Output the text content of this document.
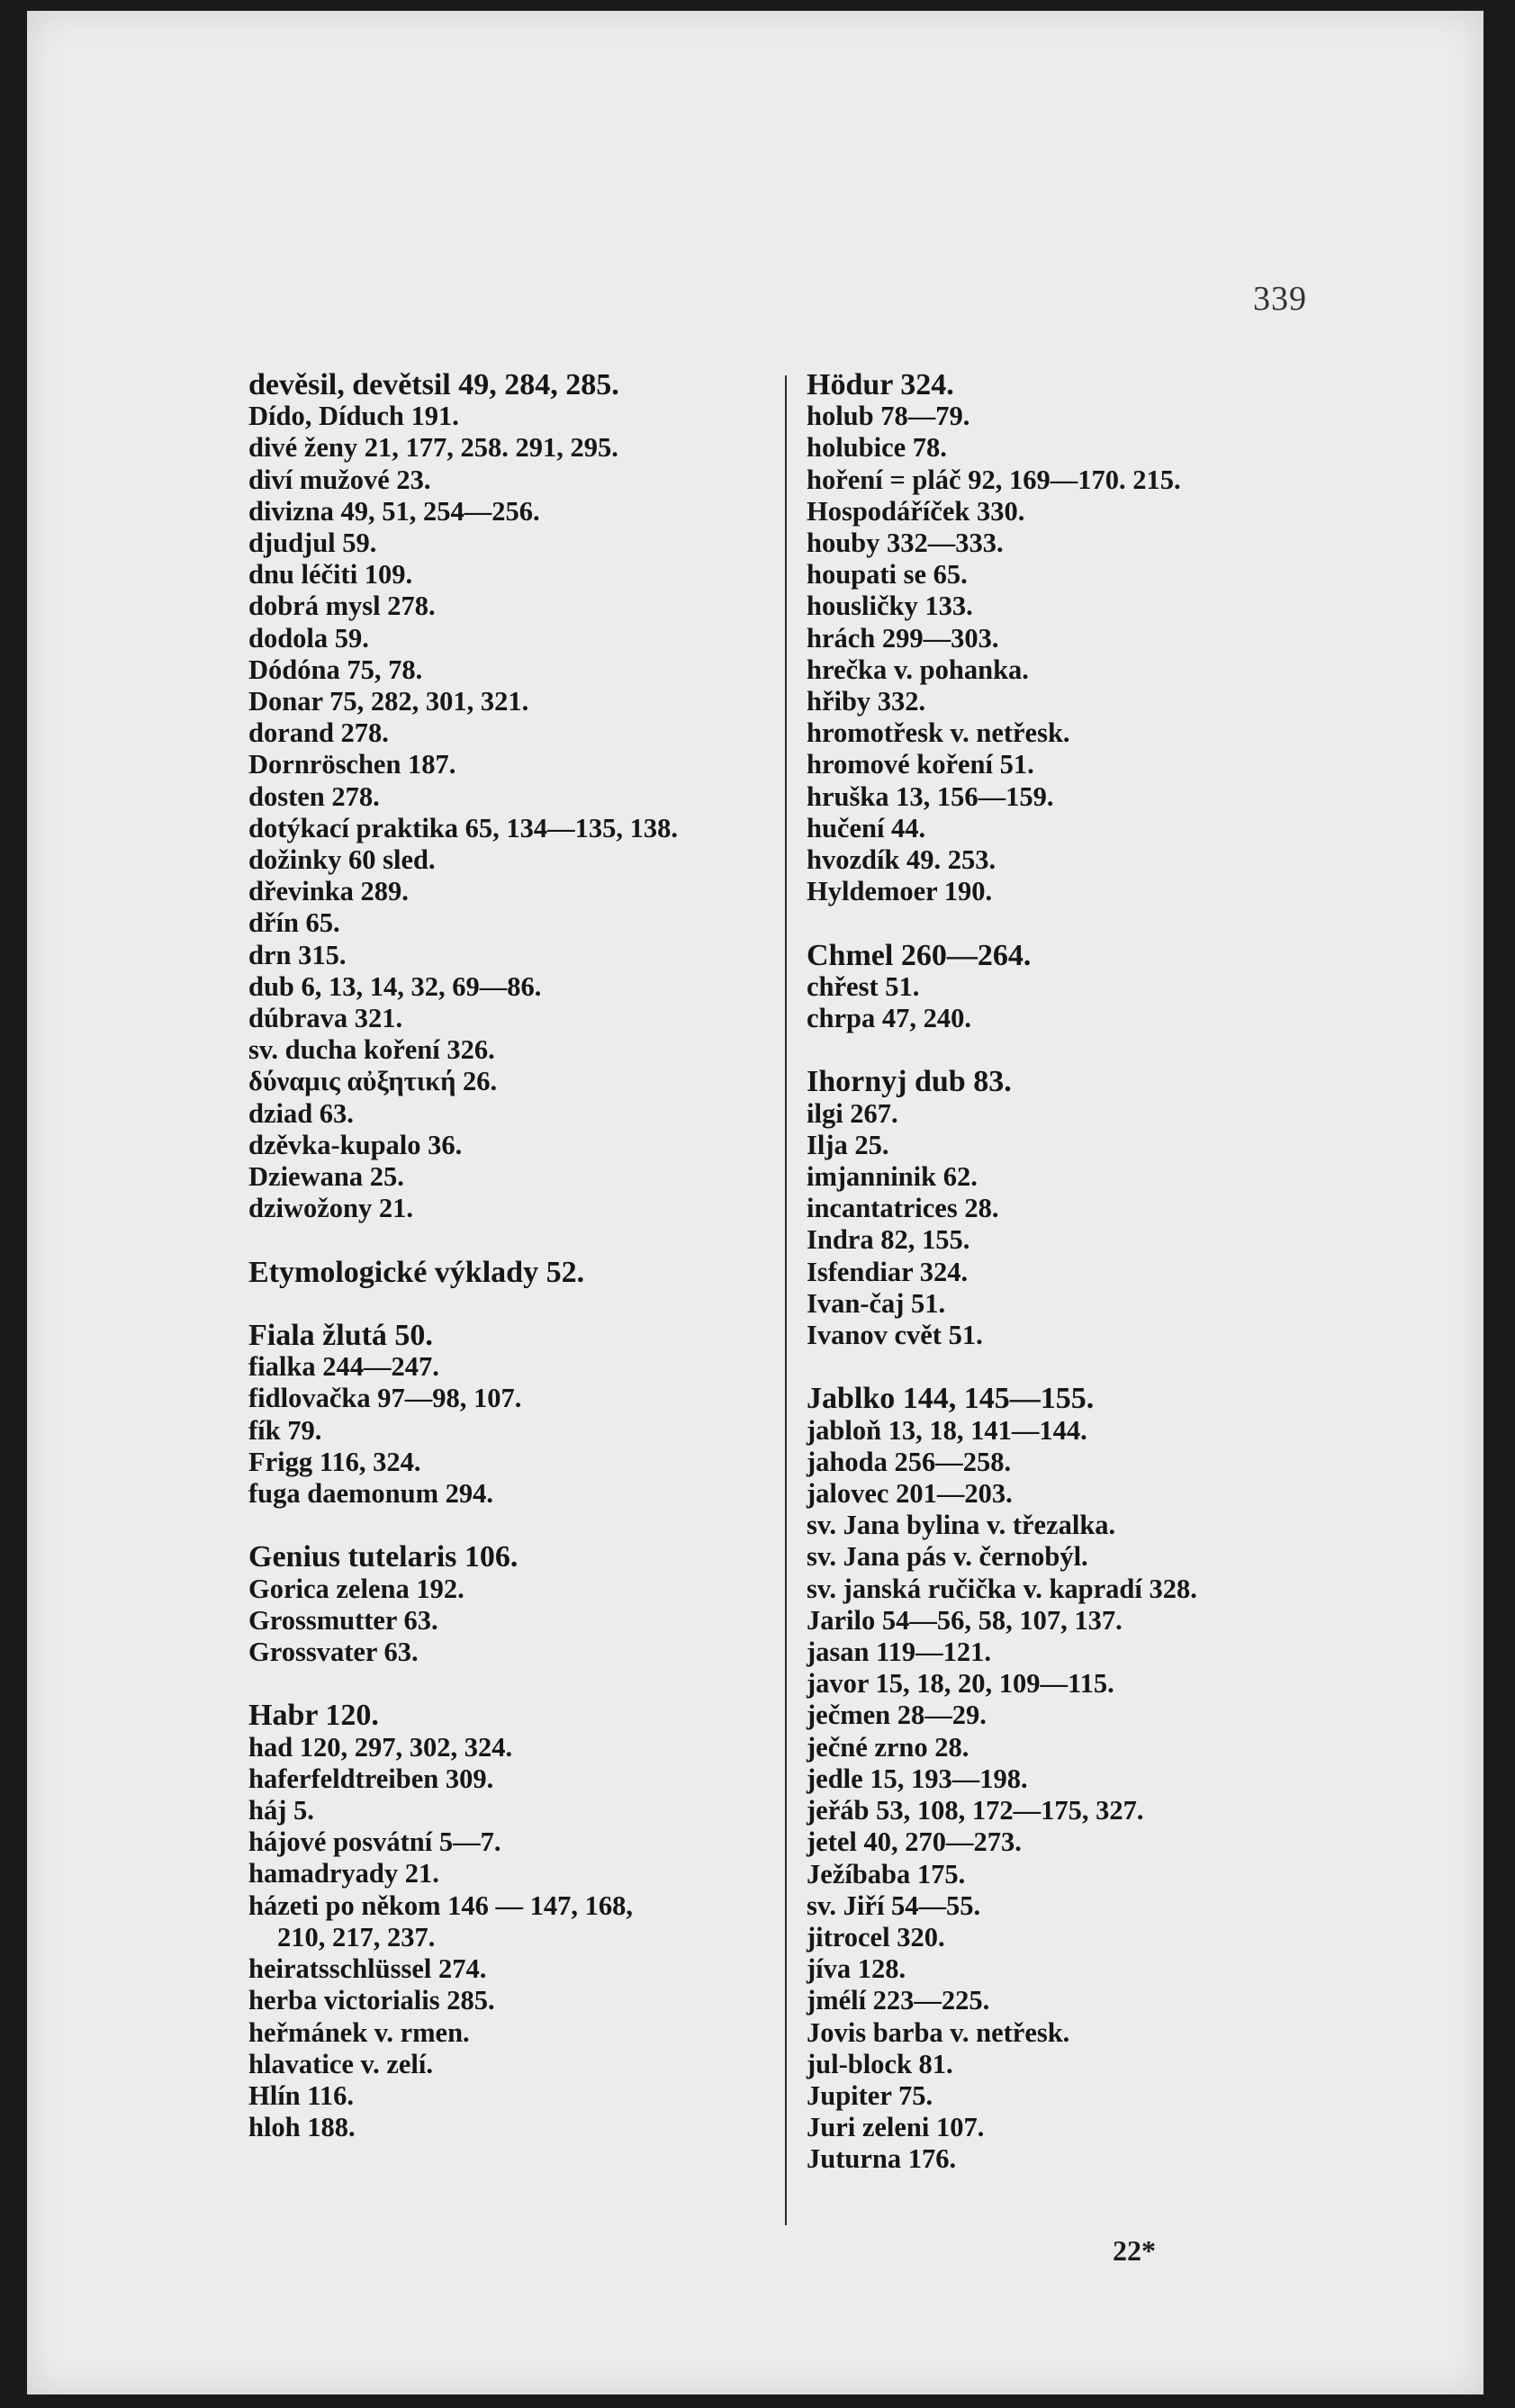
339
devěsil, devětsil 49, 284, 285.
Dído, Díduch 191.
divé ženy 21, 177, 258. 291, 295.
diví mužové 23.
divizna 49, 51, 254—256.
djudjul 59.
dnu léčiti 109.
dobrá mysl 278.
dodola 59.
Dódóna 75, 78.
Donar 75, 282, 301, 321.
dorand 278.
Dornröschen 187.
dosten 278.
dotýkací praktika 65, 134—135, 138.
dožinky 60 sled.
dřevinka 289.
dřín 65.
drn 315.
dub 6, 13, 14, 32, 69—86.
dúbrava 321.
sv. ducha koření 326.
δύναμις αὐξητική 26.
dziad 63.
dzěvka-kupalo 36.
Dziewana 25.
dziwožony 21.
Etymologické výklady 52.
Fiala žlutá 50.
fialka 244—247.
fidlovačka 97—98, 107.
fík 79.
Frigg 116, 324.
fuga daemonum 294.
Genius tutelaris 106.
Gorica zelena 192.
Grossmutter 63.
Grossvater 63.
Habr 120.
had 120, 297, 302, 324.
haferfeldtreiben 309.
háj 5.
hájové posvátní 5—7.
hamadryady 21.
házeti po někom 146 — 147, 168,
210, 217, 237.
heiratsschlüssel 274.
herba victorialis 285.
heřmánek v. rmen.
hlavatice v. zelí.
Hlín 116.
hloh 188.
Hödur 324.
holub 78—79.
holubice 78.
hoření = pláč 92, 169—170. 215.
Hospodáříček 330.
houby 332—333.
houpati se 65.
housličky 133.
hrách 299—303.
hrečka v. pohanka.
hřiby 332.
hromotřesk v. netřesk.
hromové koření 51.
hruška 13, 156—159.
hučení 44.
hvozdík 49. 253.
Hyldemoer 190.
Chmel 260—264.
chřest 51.
chrpa 47, 240.
Ihornyj dub 83.
ilgi 267.
Ilja 25.
imjanninik 62.
incantatrices 28.
Indra 82, 155.
Isfendiar 324.
Ivan-čaj 51.
Ivanov cvět 51.
Jablko 144, 145—155.
jabloň 13, 18, 141—144.
jahoda 256—258.
jalovec 201—203.
sv. Jana bylina v. třezalka.
sv. Jana pás v. černobýl.
sv. janská ručička v. kapradí 328.
Jarilo 54—56, 58, 107, 137.
jasan 119—121.
javor 15, 18, 20, 109—115.
ječmen 28—29.
ječné zrno 28.
jedle 15, 193—198.
jeřáb 53, 108, 172—175, 327.
jetel 40, 270—273.
Ježíbaba 175.
sv. Jiří 54—55.
jitrocel 320.
jíva 128.
jmélí 223—225.
Jovis barba v. netřesk.
jul-block 81.
Jupiter 75.
Juri zeleni 107.
Juturna 176.
22*
